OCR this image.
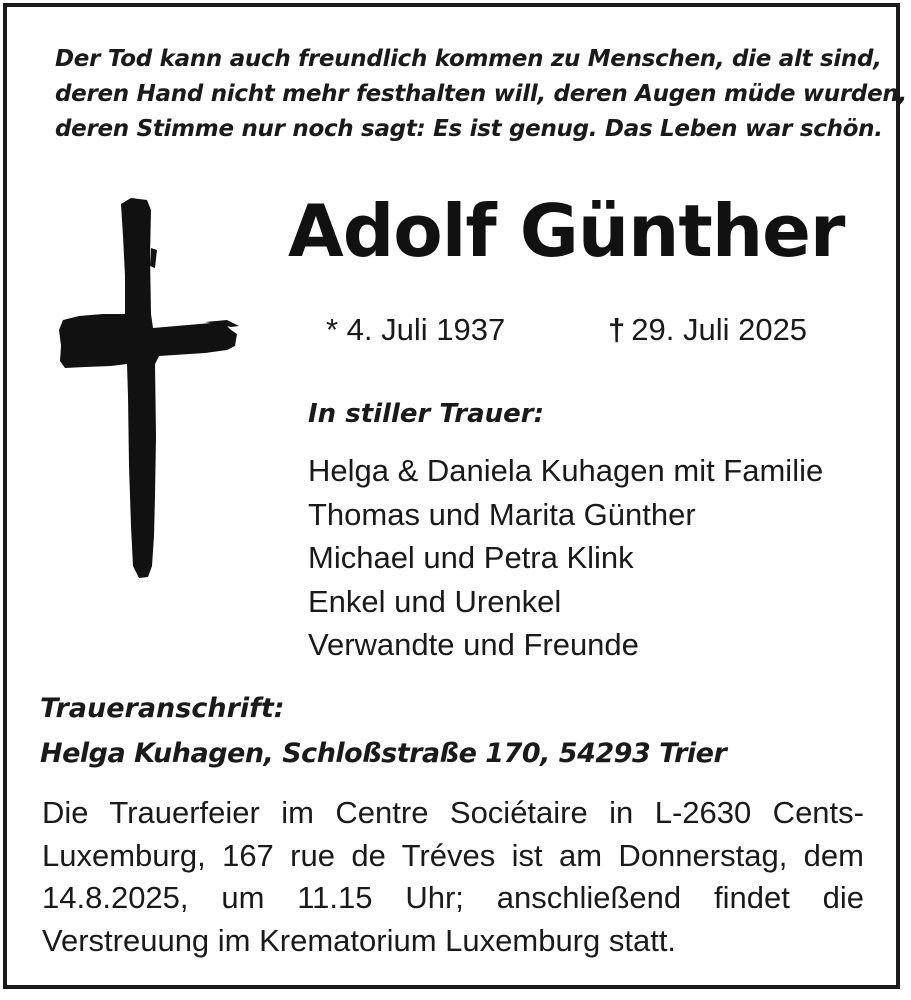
Der Tod kann auch freundlich kommen zu Menschen, die alt sind,
deren Hand nicht mehr festhalten will, deren Augen müde wurden,
deren Stimme nur noch sagt: Es ist genug. Das Leben war schön.
Adolf Günther
* 4. Juli 1937	† 29. Juli 2025
In stiller Trauer:
Helga & Daniela Kuhagen mit Familie
Thomas und Marita Günther
Michael und Petra Klink
Enkel und Urenkel
Verwandte und Freunde
Traueranschrift:
Helga Kuhagen, Schloßstraße 170, 54293 Trier
Die Trauerfeier im Centre Sociétaire in L-2630 Cents-
Luxemburg, 167 rue de Tréves ist am Donnerstag, dem
14.8.2025, um 11.15 Uhr; anschließend findet die
Verstreuung im Krematorium Luxemburg statt.
